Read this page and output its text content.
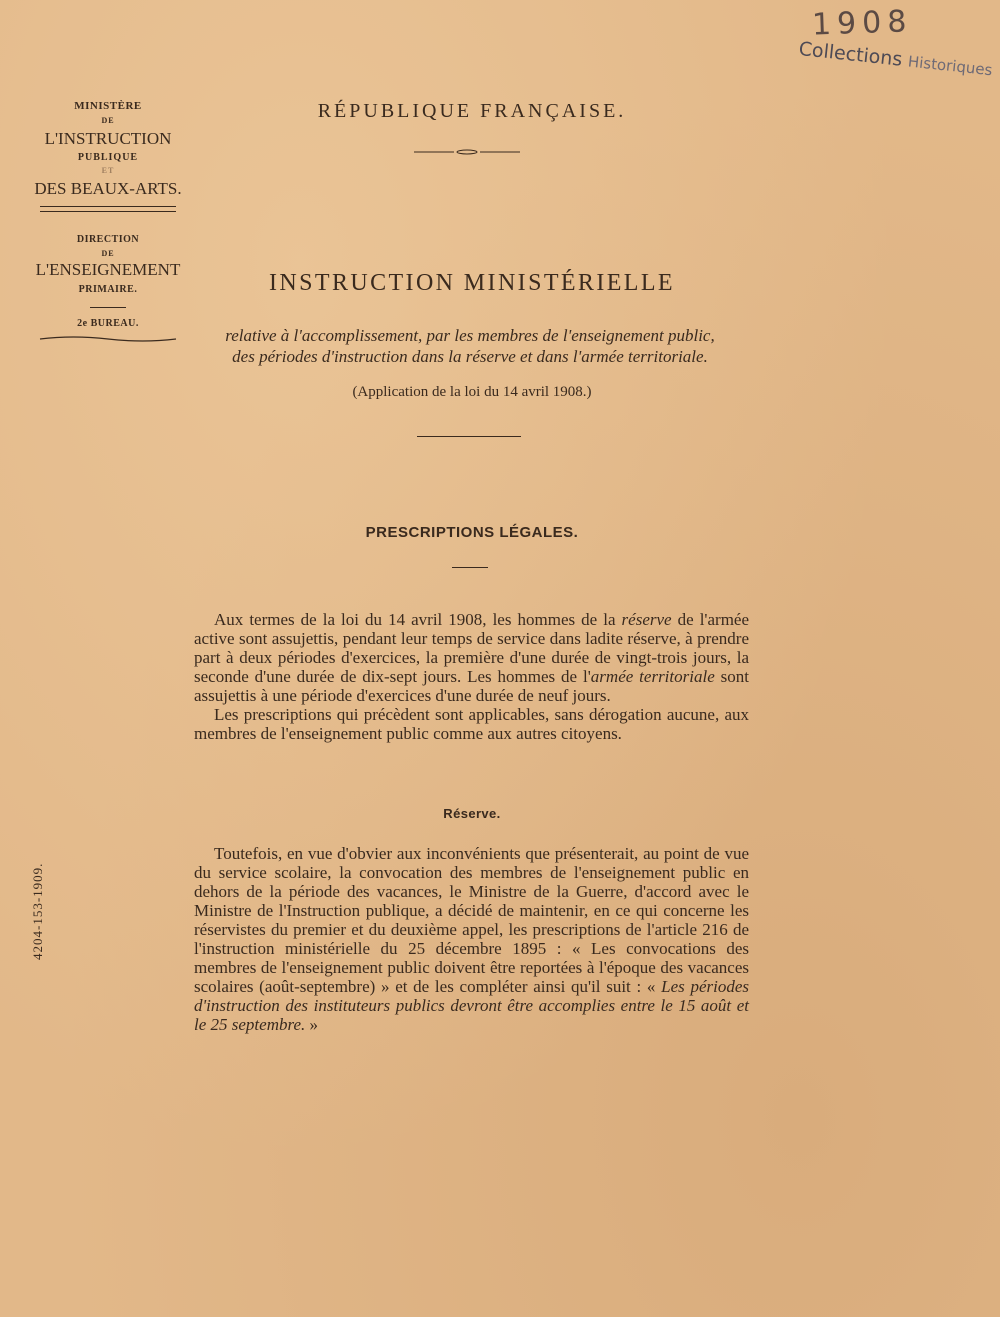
1908
Collections Historiques
MINISTÈRE
DE
L'INSTRUCTION
PUBLIQUE
ET
DES BEAUX-ARTS.
DIRECTION
DE
L'ENSEIGNEMENT
PRIMAIRE.
2e BUREAU.
RÉPUBLIQUE FRANÇAISE.
INSTRUCTION MINISTÉRIELLE
relative à l'accomplissement, par les membres de l'enseignement public,
des périodes d'instruction dans la réserve et dans l'armée territoriale.
(Application de la loi du 14 avril 1908.)
PRESCRIPTIONS LÉGALES.

Aux termes de la loi du 14 avril 1908, les hommes de la réserve de l'armée active sont assujettis, pendant leur temps de service dans ladite réserve, à prendre part à deux périodes d'exercices, la première d'une durée de vingt-trois jours, la seconde d'une durée de dix-sept jours. Les hommes de l'armée territoriale sont assujettis à une période d'exercices d'une durée de neuf jours.

Les prescriptions qui précèdent sont applicables, sans dérogation aucune, aux membres de l'enseignement public comme aux autres citoyens.

Réserve.

Toutefois, en vue d'obvier aux inconvénients que présenterait, au point de vue du service scolaire, la convocation des membres de l'enseignement public en dehors de la période des vacances, le Ministre de la Guerre, d'accord avec le Ministre de l'Instruction publique, a décidé de maintenir, en ce qui concerne les réservistes du premier et du deuxième appel, les prescriptions de l'article 216 de l'instruction ministérielle du 25 décembre 1895 : « Les convocations des membres de l'enseignement public doivent être reportées à l'époque des vacances scolaires (août-septembre) » et de les compléter ainsi qu'il suit : « Les périodes d'instruction des instituteurs publics devront être accomplies entre le 15 août et le 25 septembre. »

4204-153-1909.
